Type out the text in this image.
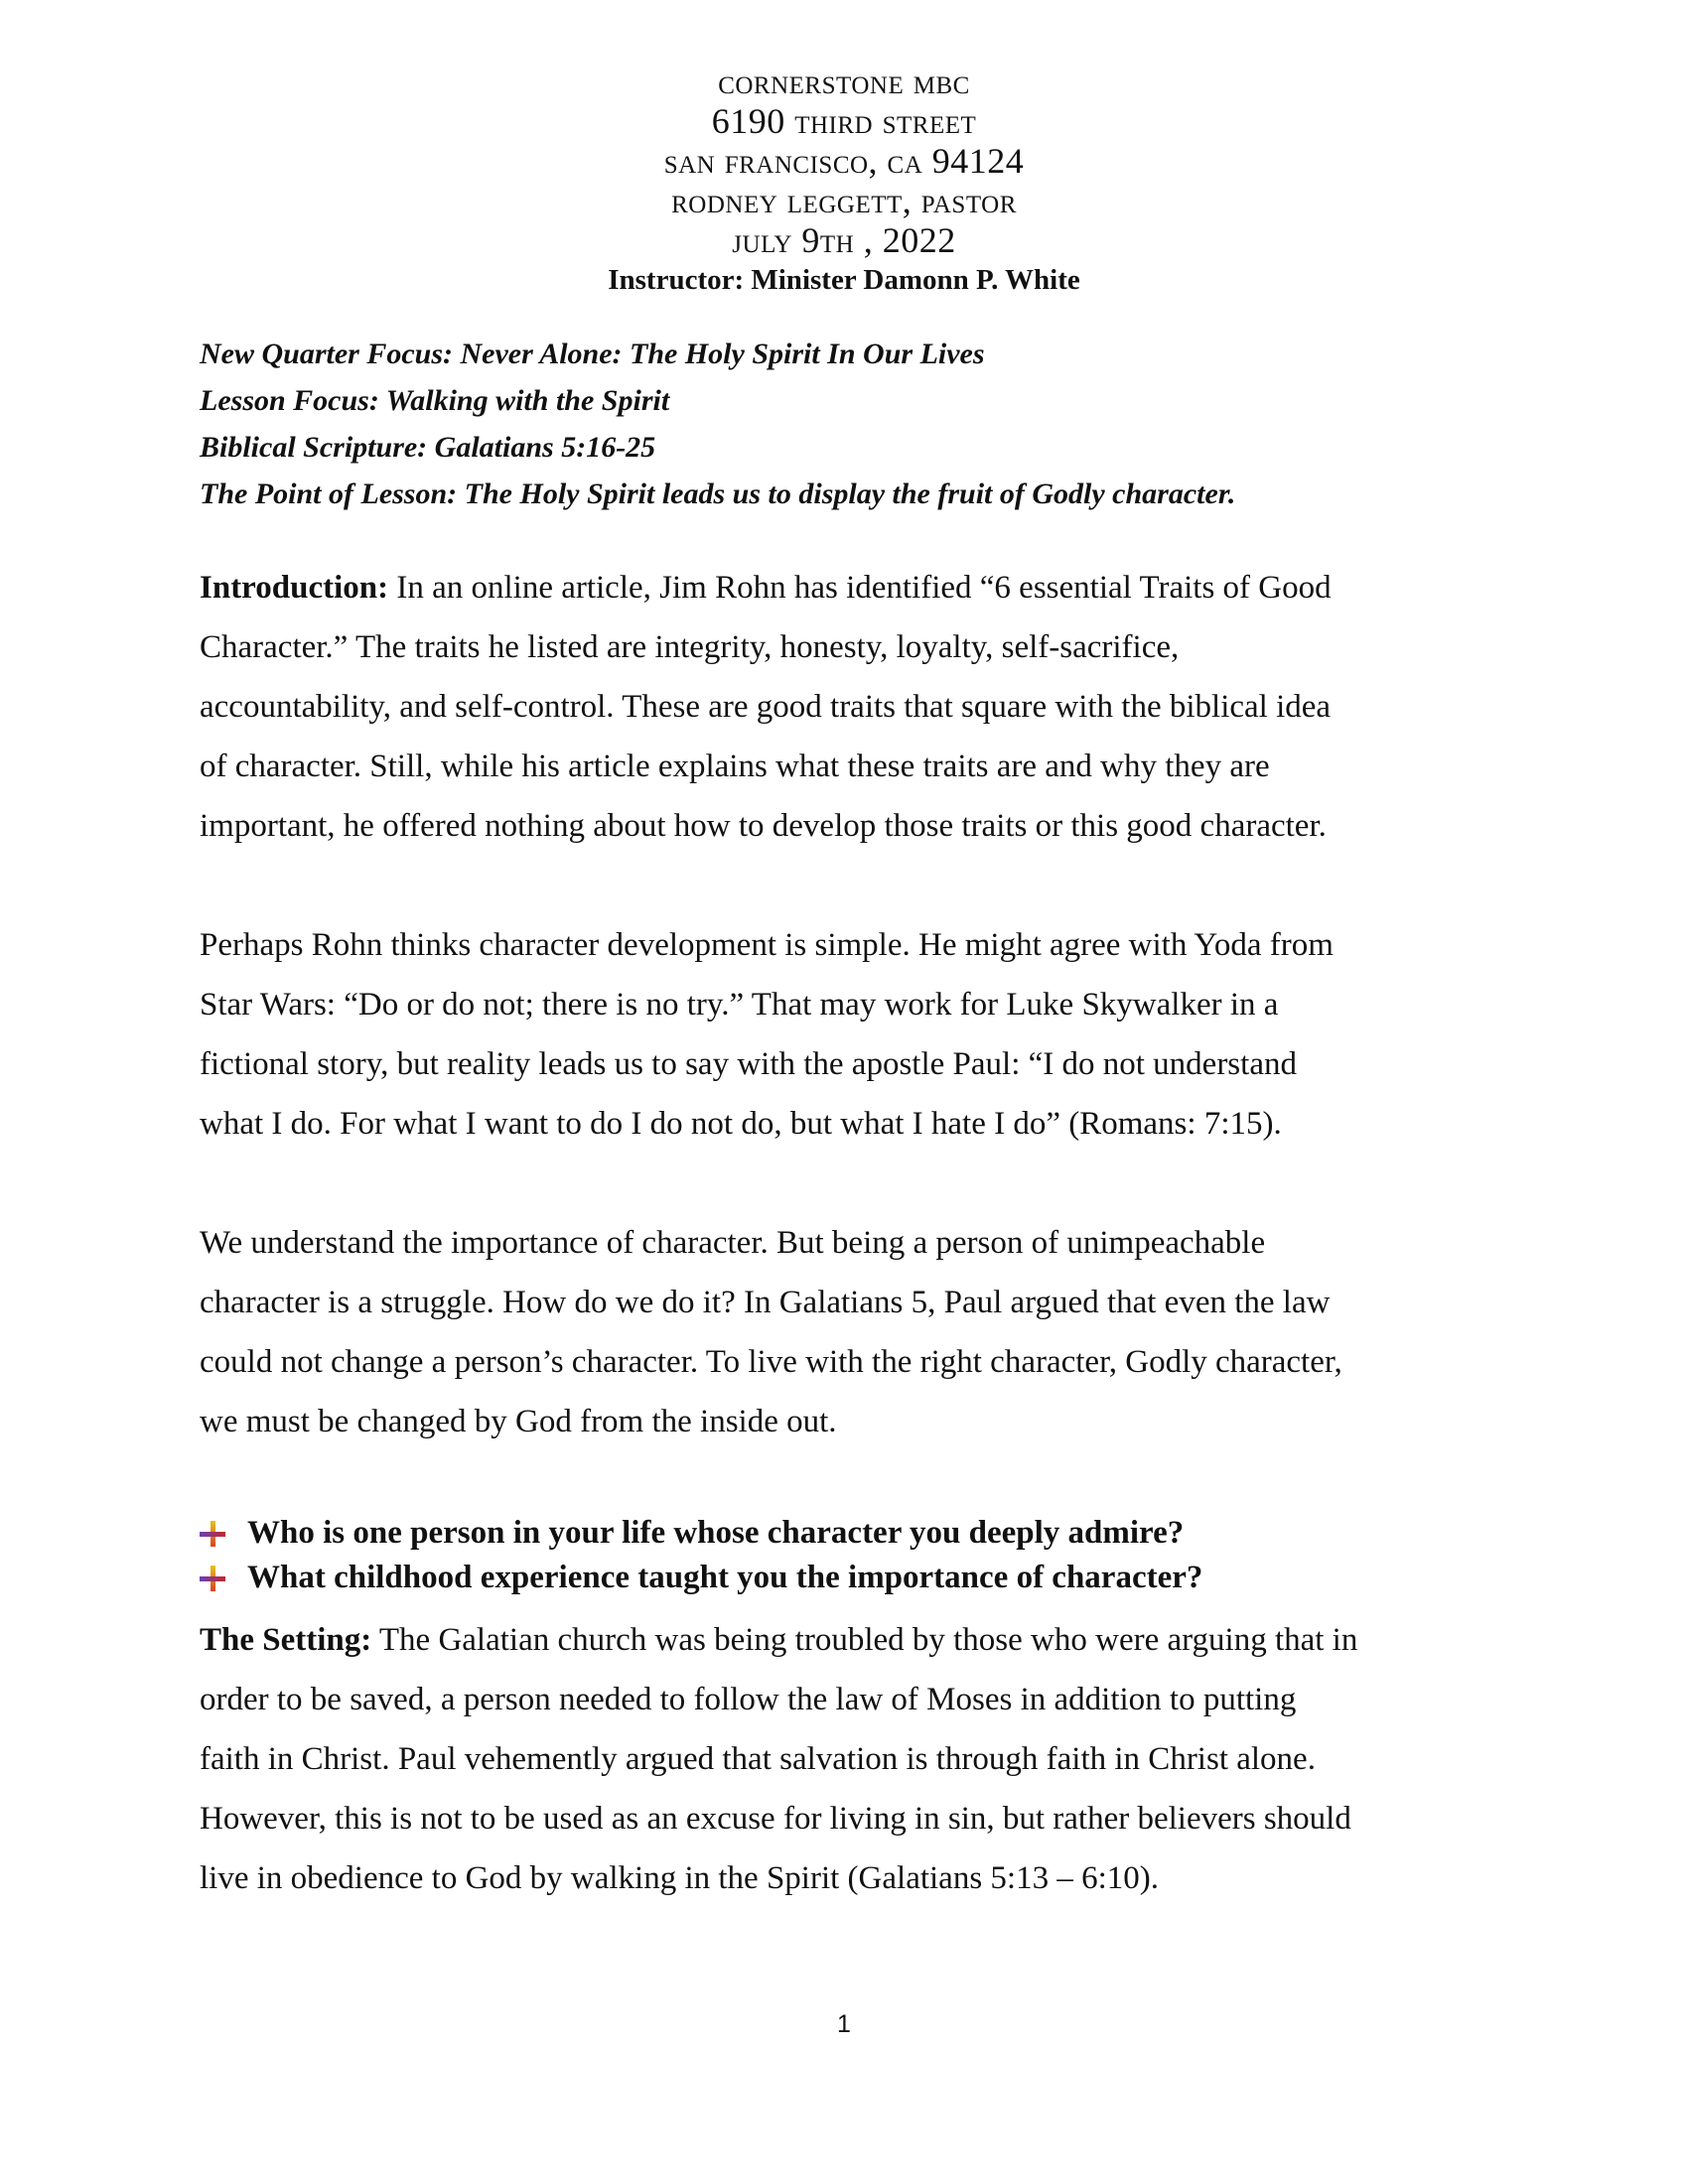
cornerstone mbc
6190 third street
san francisco, ca 94124
rodney leggett, pastor
july 9th , 2022
Instructor: Minister Damonn P. White
New Quarter Focus: Never Alone: The Holy Spirit In Our Lives
Lesson Focus: Walking with the Spirit
Biblical Scripture: Galatians 5:16-25
The Point of Lesson: The Holy Spirit leads us to display the fruit of Godly character.
Introduction: In an online article, Jim Rohn has identified “6 essential Traits of Good
Character.” The traits he listed are integrity, honesty, loyalty, self-sacrifice,
accountability, and self-control. These are good traits that square with the biblical idea
of character. Still, while his article explains what these traits are and why they are
important, he offered nothing about how to develop those traits or this good character.
Perhaps Rohn thinks character development is simple. He might agree with Yoda from
Star Wars: “Do or do not; there is no try.” That may work for Luke Skywalker in a
fictional story, but reality leads us to say with the apostle Paul: “I do not understand
what I do. For what I want to do I do not do, but what I hate I do” (Romans: 7:15).
We understand the importance of character. But being a person of unimpeachable
character is a struggle. How do we do it? In Galatians 5, Paul argued that even the law
could not change a person’s character. To live with the right character, Godly character,
we must be changed by God from the inside out.
Who is one person in your life whose character you deeply admire?
What childhood experience taught you the importance of character?
The Setting: The Galatian church was being troubled by those who were arguing that in
order to be saved, a person needed to follow the law of Moses in addition to putting
faith in Christ. Paul vehemently argued that salvation is through faith in Christ alone.
However, this is not to be used as an excuse for living in sin, but rather believers should
live in obedience to God by walking in the Spirit (Galatians 5:13 – 6:10).
1
